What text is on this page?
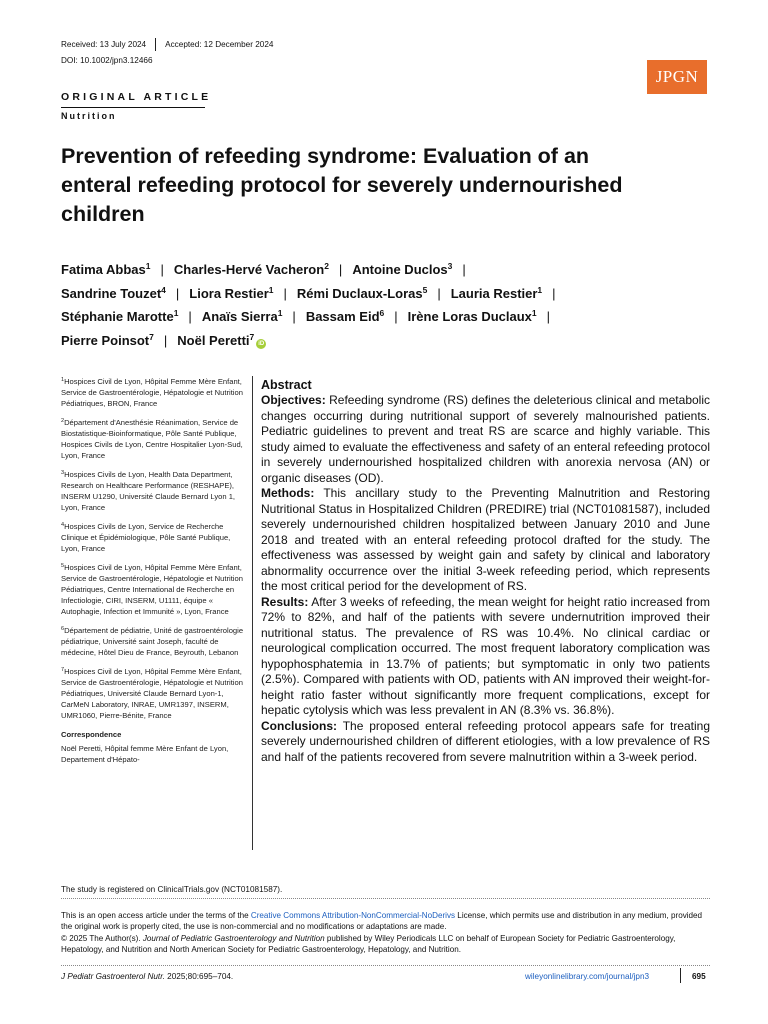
Received: 13 July 2024 Accepted: 12 December 2024
DOI: 10.1002/jpn3.12466
JPGN
ORIGINAL ARTICLE
Nutrition
Prevention of refeeding syndrome: Evaluation of an enteral refeeding protocol for severely undernourished children
Fatima Abbas$^1$ | Charles-Hervé Vacheron$^2$ | Antoine Duclos$^3$ |
Sandrine Touzet$^4$ | Liora Restier$^1$ | Rémi Duclaux-Loras$^5$ | Lauria Restier$^1$ |
Stéphanie Marotte$^1$ | Anaïs Sierra$^1$ | Bassam Eid$^6$ | Irène Loras Duclaux$^1$ |
Pierre Poinsot$^7$ | Noël Peretti$^7$iD
$^1$Hospices Civil de Lyon, Hôpital Femme Mère Enfant, Service de Gastroentérologie, Hépatologie et Nutrition Pédiatriques, BRON, France
$^2$Département d'Anesthésie Réanimation, Service de Biostatistique-Bioinformatique, Pôle Santé Publique, Hospices Civils de Lyon, Centre Hospitalier Lyon-Sud, Lyon, France
$^3$Hospices Civils de Lyon, Health Data Department, Research on Healthcare Performance (RESHAPE), INSERM U1290, Université Claude Bernard Lyon 1, Lyon, France
$^4$Hospices Civils de Lyon, Service de Recherche Clinique et Épidémiologique, Pôle Santé Publique, Lyon, France
$^5$Hospices Civil de Lyon, Hôpital Femme Mère Enfant, Service de Gastroentérologie, Hépatologie et Nutrition Pédiatriques, Centre International de Recherche en Infectiologie, CIRI, INSERM, U1111, équipe « Autophagie, Infection et Immunité », Lyon, France
$^6$Département de pédiatrie, Unité de gastroentérologie pédiatrique, Université saint Joseph, faculté de médecine, Hôtel Dieu de France, Beyrouth, Lebanon
$^7$Hospices Civil de Lyon, Hôpital Femme Mère Enfant, Service de Gastroentérologie, Hépatologie et Nutrition Pédiatriques, Université Claude Bernard Lyon-1, CarMeN Laboratory, INRAE, UMR1397, INSERM, UMR1060, Pierre-Bénite, France
Correspondence
Noël Peretti, Hôpital femme Mère Enfant de Lyon, Departement d'Hépato-
Abstract

Objectives: Refeeding syndrome (RS) defines the deleterious clinical and metabolic changes occurring during nutritional support of severely malnourished patients. Pediatric guidelines to prevent and treat RS are scarce and highly variable. This study aimed to evaluate the effectiveness and safety of an enteral refeeding protocol in severely undernourished hospitalized children with anorexia nervosa (AN) or organic diseases (OD).

Methods: This ancillary study to the Preventing Malnutrition and Restoring Nutritional Status in Hospitalized Children (PREDIRE) trial (NCT01081587), included severely undernourished children hospitalized between January 2010 and June 2018 and treated with an enteral refeeding protocol drafted for the study. The effectiveness was assessed by weight gain and safety by clinical and laboratory abnormality occurrence over the initial 3-week refeeding period, which represents the most critical period for the development of RS.

Results: After 3 weeks of refeeding, the mean weight for height ratio increased from 72% to 82%, and half of the patients with severe undernutrition improved their nutritional status. The prevalence of RS was 10.4%. No clinical cardiac or neurological complication occurred. The most frequent laboratory complication was hypophosphatemia in 13.7% of patients; but symptomatic in only two patients (2.5%). Compared with patients with OD, patients with AN improved their weight-for-height ratio faster without significantly more frequent complications, except for hepatic cytolysis which was less prevalent in AN (8.3% vs. 36.8%).

Conclusions: The proposed enteral refeeding protocol appears safe for treating severely undernourished children of different etiologies, with a low prevalence of RS and half of the patients recovered from severe malnutrition within a 3-week period.

The study is registered on ClinicalTrials.gov (NCT01081587).
This is an open access article under the terms of the Creative Commons Attribution-NonCommercial-NoDerivs License, which permits use and distribution in any medium, provided the original work is properly cited, the use is non-commercial and no modifications or adaptations are made.
© 2025 The Author(s). Journal of Pediatric Gastroenterology and Nutrition published by Wiley Periodicals LLC on behalf of European Society for Pediatric Gastroenterology, Hepatology, and Nutrition and North American Society for Pediatric Gastroenterology, Hepatology, and Nutrition.
J Pediatr Gastroenterol Nutr. 2025;80:695–704.	wileyonlinelibrary.com/journal/jpn3	695
